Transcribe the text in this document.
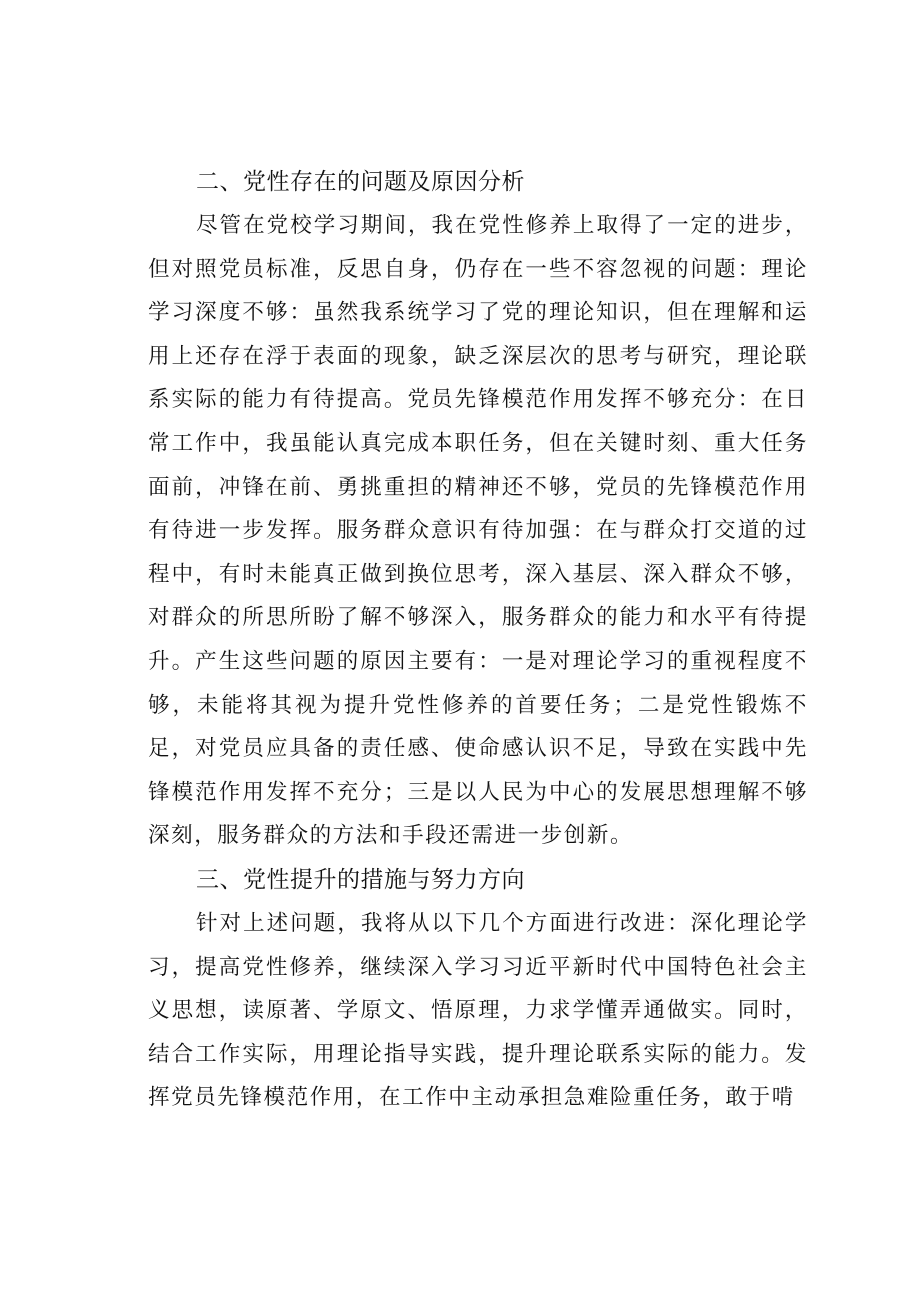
二、党性存在的问题及原因分析

尽管在党校学习期间，我在党性修养上取得了一定的进步，但对照党员标准，反思自身，仍存在一些不容忽视的问题：理论学习深度不够：虽然我系统学习了党的理论知识，但在理解和运用上还存在浮于表面的现象，缺乏深层次的思考与研究，理论联系实际的能力有待提高。党员先锋模范作用发挥不够充分：在日常工作中，我虽能认真完成本职任务，但在关键时刻、重大任务面前，冲锋在前、勇挑重担的精神还不够，党员的先锋模范作用有待进一步发挥。服务群众意识有待加强：在与群众打交道的过程中，有时未能真正做到换位思考，深入基层、深入群众不够，对群众的所思所盼了解不够深入，服务群众的能力和水平有待提升。产生这些问题的原因主要有：一是对理论学习的重视程度不够，未能将其视为提升党性修养的首要任务；二是党性锻炼不足，对党员应具备的责任感、使命感认识不足，导致在实践中先锋模范作用发挥不充分；三是以人民为中心的发展思想理解不够深刻，服务群众的方法和手段还需进一步创新。

三、党性提升的措施与努力方向

针对上述问题，我将从以下几个方面进行改进：深化理论学习，提高党性修养，继续深入学习习近平新时代中国特色社会主义思想，读原著、学原文、悟原理，力求学懂弄通做实。同时，结合工作实际，用理论指导实践，提升理论联系实际的能力。发挥党员先锋模范作用，在工作中主动承担急难险重任务，敢于啃
